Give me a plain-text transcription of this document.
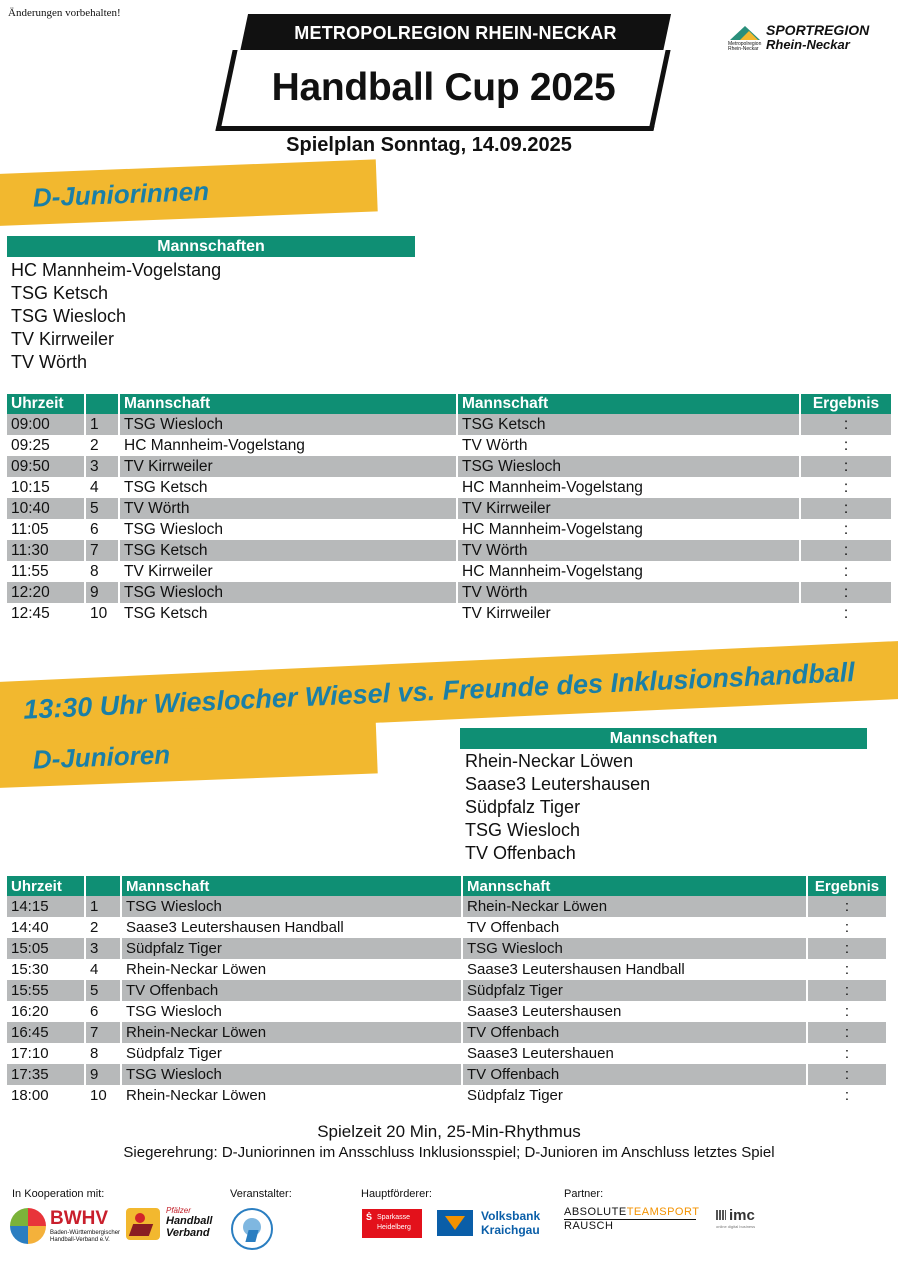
Änderungen vorbehalten!
METROPOLREGION RHEIN-NECKAR
Handball Cup 2025
Spielplan Sonntag, 14.09.2025
Metropolregion
Rhein-Neckar
SPORTREGION
Rhein-Neckar
D-Juniorinnen
Mannschaften
HC Mannheim-Vogelstang
TSG Ketsch
TSG Wiesloch
TV Kirrweiler
TV Wörth
Uhrzeit		Mannschaft	Mannschaft	Ergebnis
09:00	1	TSG Wiesloch	TSG Ketsch	:
09:25	2	HC Mannheim-Vogelstang	TV Wörth	:
09:50	3	TV Kirrweiler	TSG Wiesloch	:
10:15	4	TSG Ketsch	HC Mannheim-Vogelstang	:
10:40	5	TV Wörth	TV Kirrweiler	:
11:05	6	TSG Wiesloch	HC Mannheim-Vogelstang	:
11:30	7	TSG Ketsch	TV Wörth	:
11:55	8	TV Kirrweiler	HC Mannheim-Vogelstang	:
12:20	9	TSG Wiesloch	TV Wörth	:
12:45	10	TSG Ketsch	TV Kirrweiler	:
13:30 Uhr Wieslocher Wiesel vs. Freunde des Inklusionshandball
D-Junioren
Mannschaften
Rhein-Neckar Löwen
Saase3 Leutershausen
Südpfalz Tiger
TSG Wiesloch
TV Offenbach
Uhrzeit		Mannschaft	Mannschaft	Ergebnis
14:15	1	TSG Wiesloch	Rhein-Neckar Löwen	:
14:40	2	Saase3 Leutershausen Handball	TV Offenbach	:
15:05	3	Südpfalz Tiger	TSG Wiesloch	:
15:30	4	Rhein-Neckar Löwen	Saase3 Leutershausen Handball	:
15:55	5	TV Offenbach	Südpfalz Tiger	:
16:20	6	TSG Wiesloch	Saase3 Leutershausen	:
16:45	7	Rhein-Neckar Löwen	TV Offenbach	:
17:10	8	Südpfalz Tiger	Saase3 Leutershauen	:
17:35	9	TSG Wiesloch	TV Offenbach	:
18:00	10	Rhein-Neckar Löwen	Südpfalz Tiger	:
Spielzeit 20 Min, 25-Min-Rhythmus
Siegerehrung: D-Juniorinnen im Ansschluss Inklusionsspiel; D-Junioren im Anschluss letztes Spiel
In Kooperation mit:	Veranstalter:	Hauptförderer:	Partner:
BWHV
Baden-Württembergischer
Handball-Verband e.V.
Pfälzer
Handball
Verband
Ṡ Sparkasse
Heidelberg
Volksbank
Kraichgau
ABSOLUTETEAMSPORT
RAUSCH
imc
online digital business
